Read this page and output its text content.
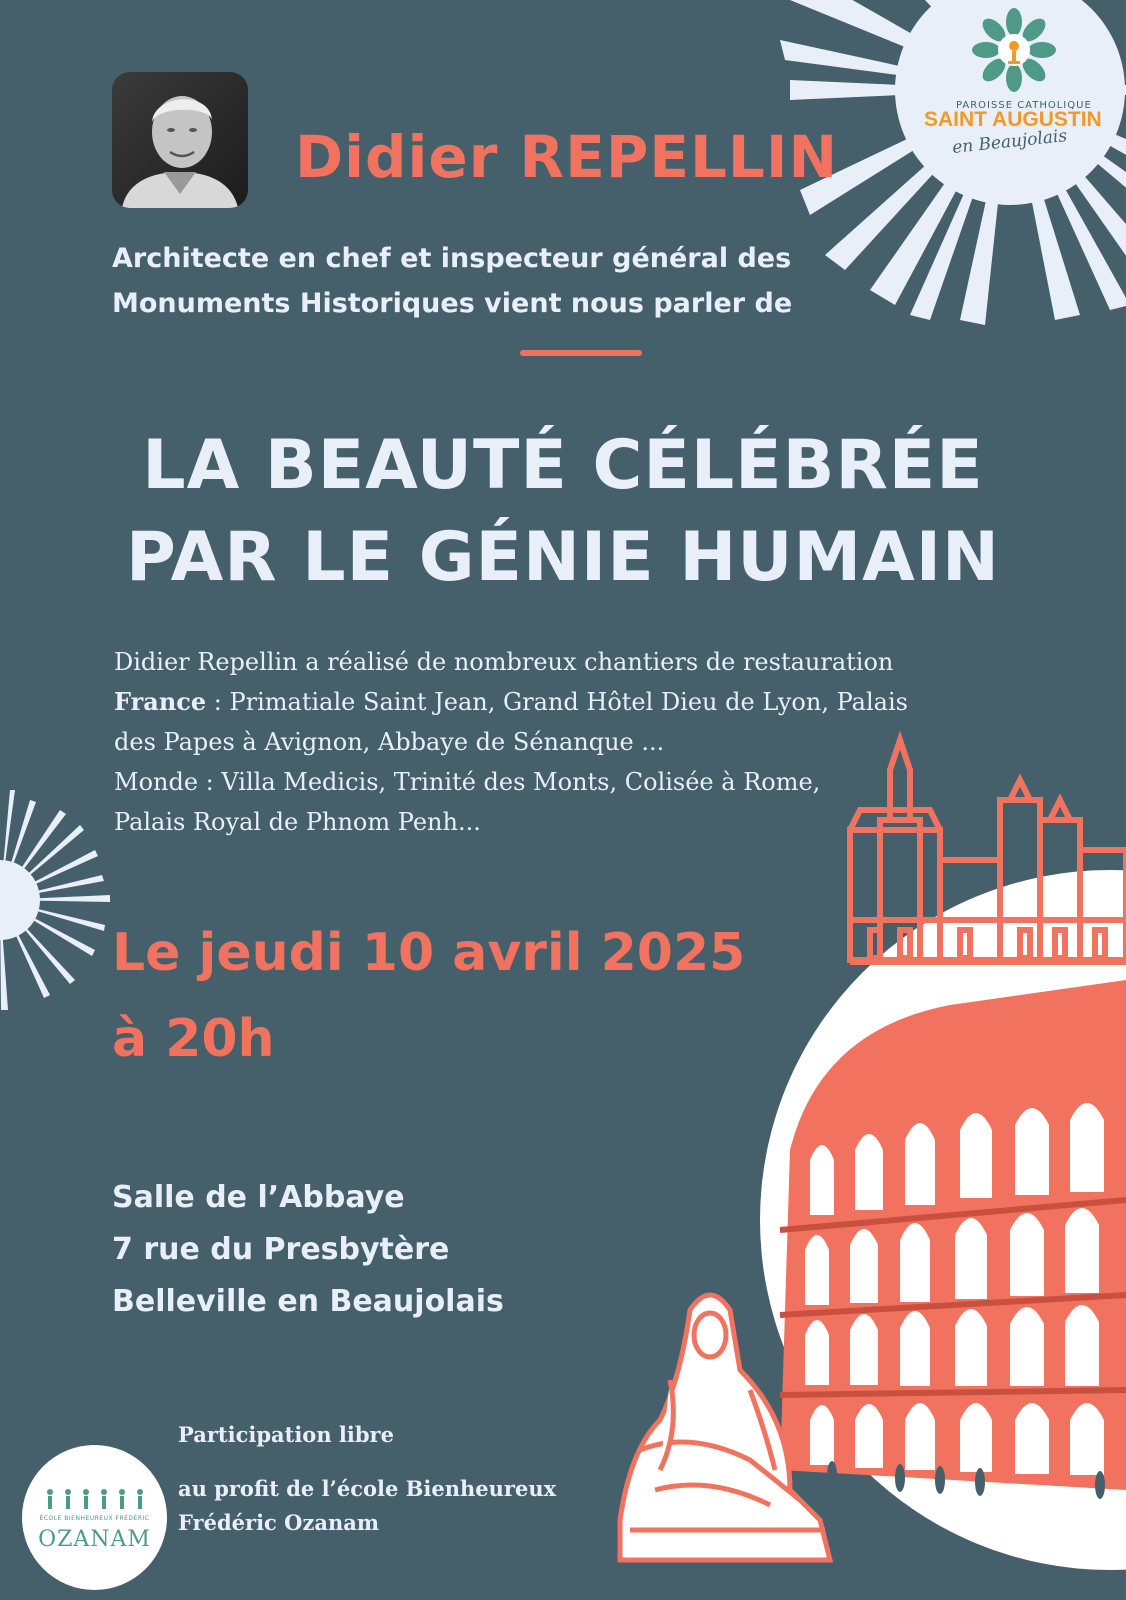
PAROISSE CATHOLIQUE
SAINT AUGUSTIN
en Beaujolais
Didier REPELLIN
Architecte en chef et inspecteur général des
Monuments Historiques vient nous parler de
LA BEAUTÉ CÉLÉBRÉE
PAR LE GÉNIE HUMAIN
Didier Repellin a réalisé de nombreux chantiers de restauration
France : Primatiale Saint Jean, Grand Hôtel Dieu de Lyon, Palais
des Papes à Avignon, Abbaye de Sénanque ...
Monde : Villa Medicis, Trinité des Monts, Colisée à Rome,
Palais Royal de Phnom Penh...
Le jeudi 10 avril 2025
à 20h
Salle de l’Abbaye
7 rue du Presbytère
Belleville en Beaujolais
ÉCOLE BIENHEUREUX FRÉDÉRIC
OZANAM
Participation libre
au profit de l’école Bienheureux
Frédéric Ozanam
